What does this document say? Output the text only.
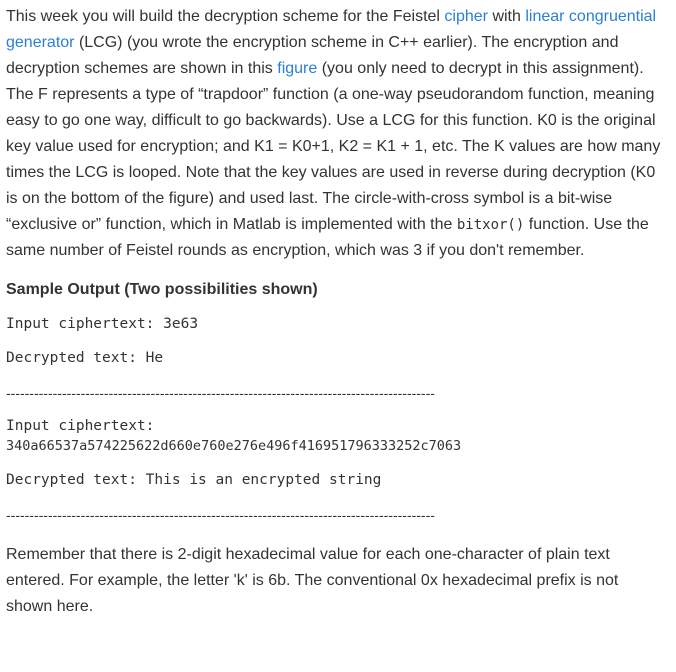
This week you will build the decryption scheme for the Feistel cipher with linear congruential generator (LCG) (you wrote the encryption scheme in C++ earlier). The encryption and decryption schemes are shown in this figure (you only need to decrypt in this assignment). The F represents a type of “trapdoor” function (a one-way pseudorandom function, meaning easy to go one way, difficult to go backwards). Use a LCG for this function. K0 is the original key value used for encryption; and K1 = K0+1, K2 = K1 + 1, etc. The K values are how many times the LCG is looped. Note that the key values are used in reverse during decryption (K0 is on the bottom of the figure) and used last. The circle-with-cross symbol is a bit-wise “exclusive or” function, which in Matlab is implemented with the bitxor() function. Use the same number of Feistel rounds as encryption, which was 3 if you don't remember.

Sample Output (Two possibilities shown)

Input ciphertext: 3e63

Decrypted text: He

--------------------------------------------------------------------------------------------

Input ciphertext:

340a66537a574225622d660e760e276e496f416951796333252c7063

Decrypted text: This is an encrypted string

--------------------------------------------------------------------------------------------

Remember that there is 2-digit hexadecimal value for each one-character of plain text entered. For example, the letter 'k' is 6b. The conventional 0x hexadecimal prefix is not shown here.
